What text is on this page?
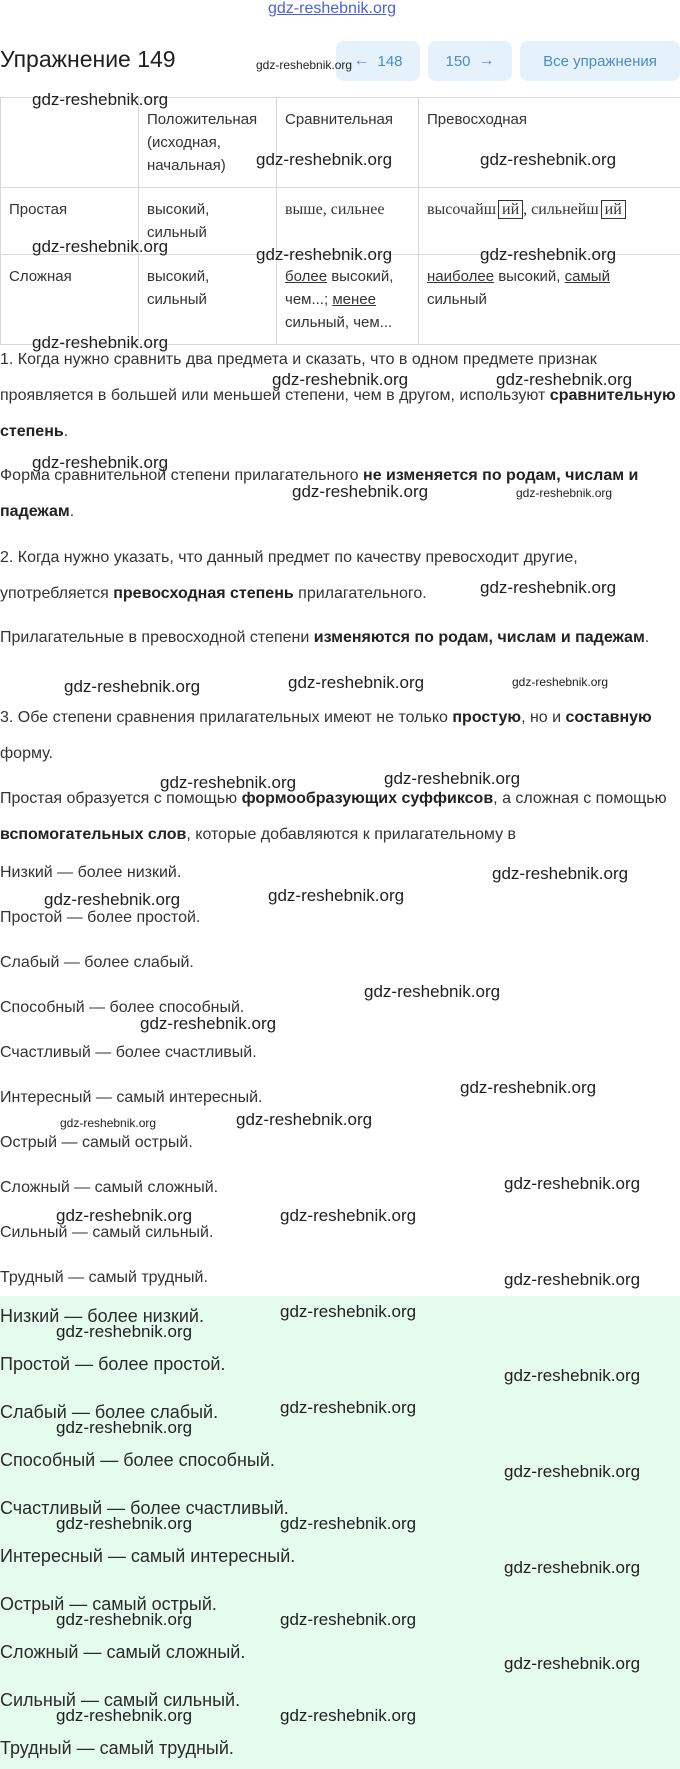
gdz-reshebnik.org
Упражнение 149	← 148	150 →	Все упражнения
	Положительная (исходная, начальная)	Сравнительная	Превосходная
Простая	высокий, сильный	выше, сильнее	высочайш ий , сильнейш ий
Сложная	высокий, сильный	более высокий, чем...; менее сильный, чем...	наиболее высокий, самый сильный

1. Когда нужно сравнить два предмета и сказать, что в одном предмете признак проявляется в большей или меньшей степени, чем в другом, используют сравнительную степень.

Форма сравнительной степени прилагательного не изменяется по родам, числам и падежам.

2. Когда нужно указать, что данный предмет по качеству превосходит другие, употребляется превосходная степень прилагательного.

Прилагательные в превосходной степени изменяются по родам, числам и падежам.

3. Обе степени сравнения прилагательных имеют не только простую, но и составную форму.

Простая образуется с помощью формообразующих суффиксов, а сложная с помощью вспомогательных слов, которые добавляются к прилагательному в

Низкий — более низкий.
Простой — более простой.
Слабый — более слабый.
Способный — более способный.
Счастливый — более счастливый.
Интересный — самый интересный.
Острый — самый острый.
Сложный — самый сложный.
Сильный — самый сильный.
Трудный — самый трудный.
Низкий — более низкий.
Простой — более простой.
Слабый — более слабый.
Способный — более способный.
Счастливый — более счастливый.
Интересный — самый интересный.
Острый — самый острый.
Сложный — самый сложный.
Сильный — самый сильный.
Трудный — самый трудный.
gdz-reshebnik.org
gdz-reshebnik.org
gdz-reshebnik.org	gdz-reshebnik.org
gdz-reshebnik.org	gdz-reshebnik.org	gdz-reshebnik.org
gdz-reshebnik.org
gdz-reshebnik.org	gdz-reshebnik.org
gdz-reshebnik.org
gdz-reshebnik.org	gdz-reshebnik.org
gdz-reshebnik.org
gdz-reshebnik.org	gdz-reshebnik.org	gdz-reshebnik.org
gdz-reshebnik.org	gdz-reshebnik.org
gdz-reshebnik.org
gdz-reshebnik.org	gdz-reshebnik.org
gdz-reshebnik.org
gdz-reshebnik.org
gdz-reshebnik.org
gdz-reshebnik.org	gdz-reshebnik.org
gdz-reshebnik.org
gdz-reshebnik.org	gdz-reshebnik.org
gdz-reshebnik.org
gdz-reshebnik.org
gdz-reshebnik.org
gdz-reshebnik.org
gdz-reshebnik.org
gdz-reshebnik.org
gdz-reshebnik.org
gdz-reshebnik.org	gdz-reshebnik.org
gdz-reshebnik.org
gdz-reshebnik.org	gdz-reshebnik.org
gdz-reshebnik.org
gdz-reshebnik.org	gdz-reshebnik.org
